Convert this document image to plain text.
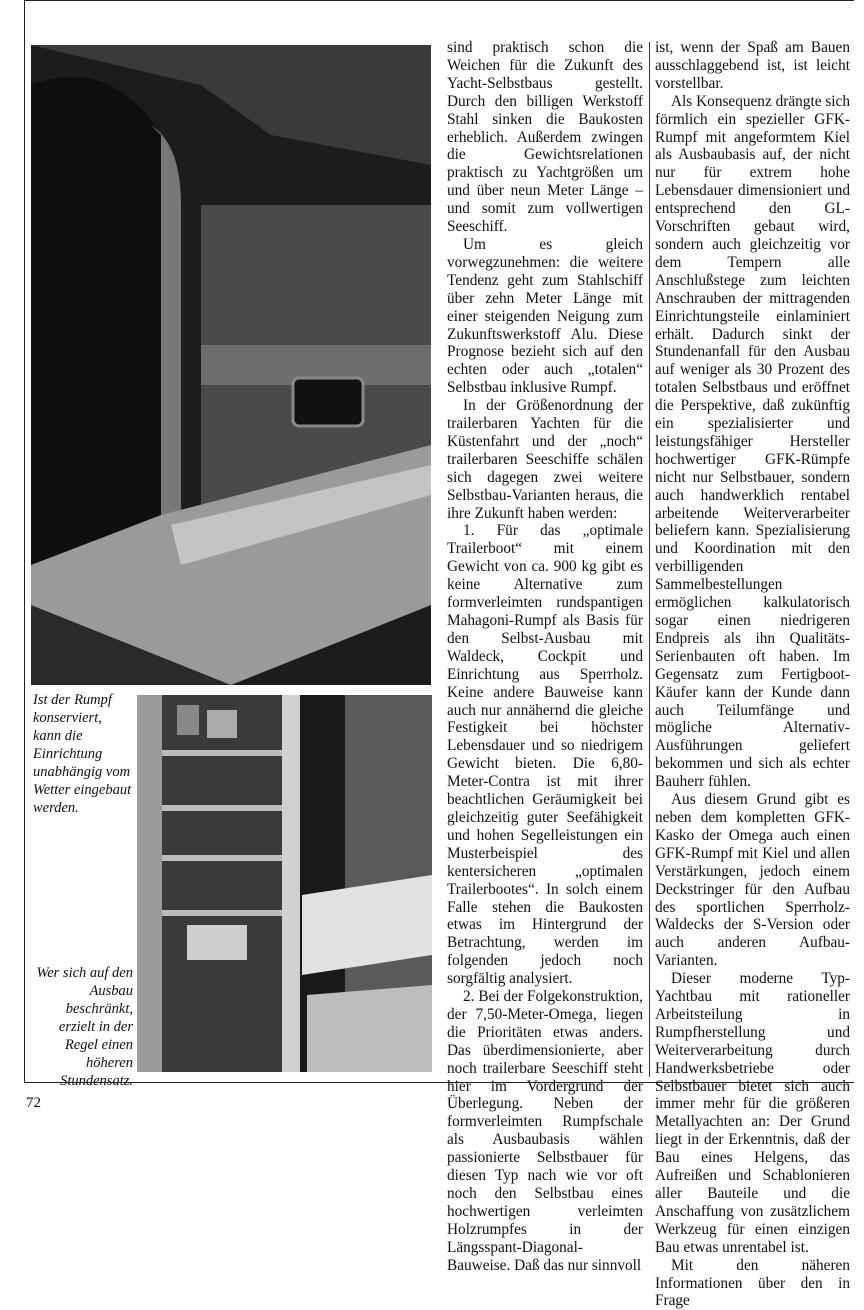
Ist der Rumpf konserviert, kann die Einrichtung unabhängig vom Wetter eingebaut werden.

Wer sich auf den Ausbau beschränkt, erzielt in der Regel einen höheren Stundensatz.

sind praktisch schon die Weichen für die Zukunft des Yacht-Selbstbaus gestellt. Durch den billigen Werkstoff Stahl sinken die Baukosten erheblich. Außerdem zwingen die Gewichtsrelationen praktisch zu Yachtgrößen um und über neun Meter Länge – und somit zum vollwertigen Seeschiff.

Um es gleich vorwegzunehmen: die weitere Tendenz geht zum Stahlschiff über zehn Meter Länge mit einer steigenden Neigung zum Zukunftswerkstoff Alu. Diese Prognose bezieht sich auf den echten oder auch „totalen“ Selbstbau inklusive Rumpf.

In der Größenordnung der trailerbaren Yachten für die Küstenfahrt und der „noch“ trailerbaren Seeschiffe schälen sich dagegen zwei weitere Selbstbau-Varianten heraus, die ihre Zukunft haben werden:

1. Für das „optimale Trailerboot“ mit einem Gewicht von ca. 900 kg gibt es keine Alternative zum formverleimten rundspantigen Mahagoni-Rumpf als Basis für den Selbst-Ausbau mit Waldeck, Cockpit und Einrichtung aus Sperrholz. Keine andere Bauweise kann auch nur annähernd die gleiche Festigkeit bei höchster Lebensdauer und so niedrigem Gewicht bieten. Die 6,80-Meter-Contra ist mit ihrer beachtlichen Geräumigkeit bei gleichzeitig guter Seefähigkeit und hohen Segelleistungen ein Musterbeispiel des kentersicheren „optimalen Trailerbootes“. In solch einem Falle stehen die Baukosten etwas im Hintergrund der Betrachtung, werden im folgenden jedoch noch sorgfältig analysiert.

2. Bei der Folgekonstruktion, der 7,50-Meter-Omega, liegen die Prioritäten etwas anders. Das überdimensionierte, aber noch trailerbare Seeschiff steht hier im Vordergrund der Überlegung. Neben der formverleimten Rumpfschale als Ausbaubasis wählen passionierte Selbstbauer für diesen Typ nach wie vor oft noch den Selbstbau eines hochwertigen verleimten Holzrumpfes in der Längsspant-Diagonal-Bauweise. Daß das nur sinnvoll

ist, wenn der Spaß am Bauen ausschlaggebend ist, ist leicht vorstellbar.

Als Konsequenz drängte sich förmlich ein spezieller GFK-Rumpf mit angeformtem Kiel als Ausbaubasis auf, der nicht nur für extrem hohe Lebensdauer dimensioniert und entsprechend den GL-Vorschriften gebaut wird, sondern auch gleichzeitig vor dem Tempern alle Anschlußstege zum leichten Anschrauben der mittragenden Einrichtungsteile einlaminiert erhält. Dadurch sinkt der Stundenanfall für den Ausbau auf weniger als 30 Prozent des totalen Selbstbaus und eröffnet die Perspektive, daß zukünftig ein spezialisierter und leistungsfähiger Hersteller hochwertiger GFK-Rümpfe nicht nur Selbstbauer, sondern auch handwerklich rentabel arbeitende Weiterverarbeiter beliefern kann. Spezialisierung und Koordination mit den verbilligenden Sammelbestellungen ermöglichen kalkulatorisch sogar einen niedrigeren Endpreis als ihn Qualitäts-Serienbauten oft haben. Im Gegensatz zum Fertigboot-Käufer kann der Kunde dann auch Teilumfänge und mögliche Alternativ-Ausführungen geliefert bekommen und sich als echter Bauherr fühlen.

Aus diesem Grund gibt es neben dem kompletten GFK-Kasko der Omega auch einen GFK-Rumpf mit Kiel und allen Verstärkungen, jedoch einem Deckstringer für den Aufbau des sportlichen Sperrholz-Waldecks der S-Version oder auch anderen Aufbau-Varianten.

Dieser moderne Typ-Yachtbau mit rationeller Arbeitsteilung in Rumpfherstellung und Weiterverarbeitung durch Handwerksbetriebe oder Selbstbauer bietet sich auch immer mehr für die größeren Metallyachten an: Der Grund liegt in der Erkenntnis, daß der Bau eines Helgens, das Aufreißen und Schablonieren aller Bauteile und die Anschaffung von zusätzlichem Werkzeug für einen einzigen Bau etwas unrentabel ist.

Mit den näheren Informationen über den in Frage

72
